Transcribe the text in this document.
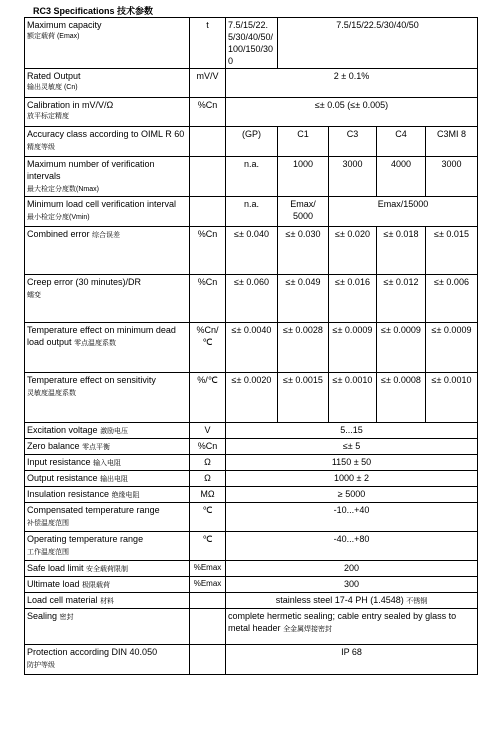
RC3 Specifications 技术参数
Maximum capacity
额定载荷 (Emax)	t	7.5/15/22.5/30/40/50/100/150/300	7.5/15/22.5/30/40/50			

Rated Output
输出灵敏度 (Cn)	mV/V	2 ± 0.1%				

Calibration in mV/V/Ω
放平标定精度	%Cn	≤± 0.05 (≤± 0.005)				

Accuracy class according to OIML R 60
精度等级		(GP)	C1	C3	C4	C3MI 8

Maximum number of verification intervals
最大检定分度数(Nmax)		n.a.	1000	3000	4000	3000

Minimum load cell verification interval
最小检定分度(Vmin)		n.a.	Emax/ 5000	Emax/15000		
Combined error 综合误差	%Cn	≤± 0.040	≤± 0.030	≤± 0.020	≤± 0.018	≤± 0.015

Creep error (30 minutes)/DR
蠕变	%Cn	≤± 0.060	≤± 0.049	≤± 0.016	≤± 0.012	≤± 0.006
Temperature effect on minimum dead load output 零点温度系数	%Cn/ ℃	≤± 0.0040	≤± 0.0028	≤± 0.0009	≤± 0.0009	≤± 0.0009

Temperature effect on sensitivity
灵敏度温度系数	%/℃	≤± 0.0020	≤± 0.0015	≤± 0.0010	≤± 0.0008	≤± 0.0010
Excitation voltage 激励电压	V	5...15				
Zero balance 零点平衡	%Cn	≤± 5				
Input resistance 输入电阻	Ω	1150 ± 50				
Output resistance 输出电阻	Ω	1000 ± 2				
Insulation resistance 绝缘电阻	MΩ	≥ 5000				

Compensated temperature range
补偿温度范围	℃	-10...+40				

Operating temperature range
工作温度范围	℃	-40...+80				
Safe load limit 安全载荷限制	%Emax	200				
Ultimate load 极限载荷	%Emax	300				
Load cell material 材料		stainless steel 17-4 PH (1.4548) 不锈钢				
Sealing 密封		complete hermetic sealing; cable entry sealed by glass to metal header 全金属焊接密封				

Protection according DIN 40.050
防护等级		IP 68				
